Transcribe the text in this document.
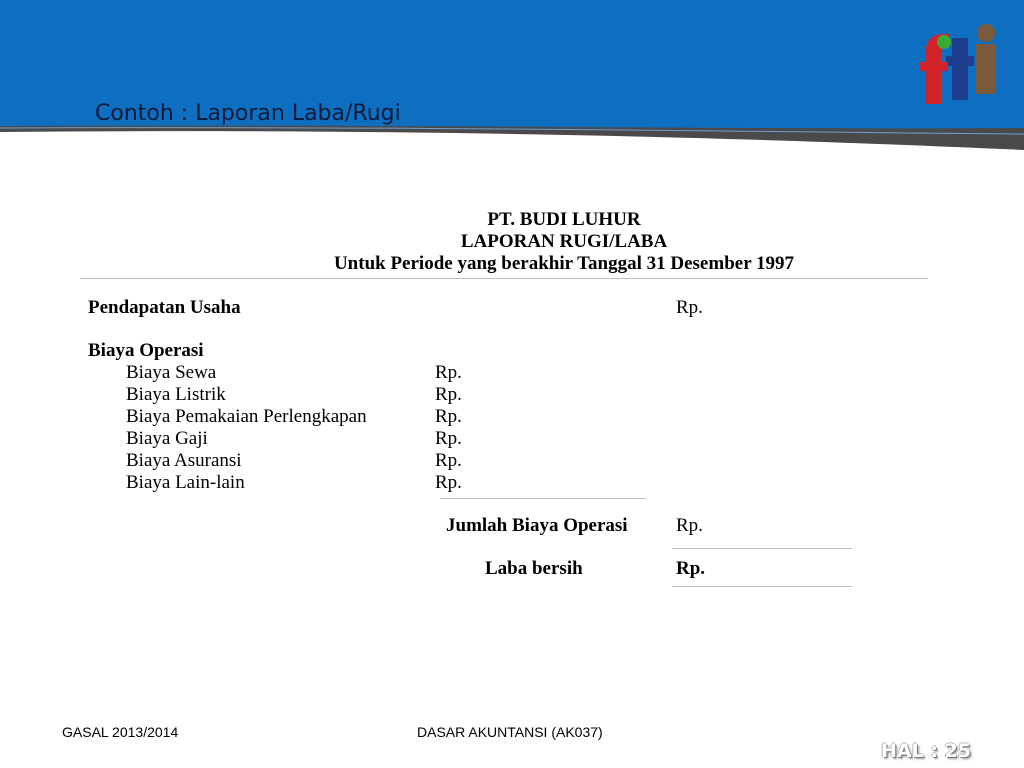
Contoh : Laporan Laba/Rugi
PT. BUDI LUHUR
LAPORAN RUGI/LABA
Untuk Periode yang berakhir Tanggal 31 Desember 1997
Pendapatan Usaha	Rp.
Biaya Operasi
Biaya Sewa	Rp.
Biaya Listrik	Rp.
Biaya Pemakaian Perlengkapan	Rp.
Biaya Gaji	Rp.
Biaya Asuransi	Rp.
Biaya Lain-lain	Rp.
Jumlah Biaya Operasi	Rp.
Laba bersih	Rp.
GASAL 2013/2014	DASAR AKUNTANSI (AK037)
HAL : 25
